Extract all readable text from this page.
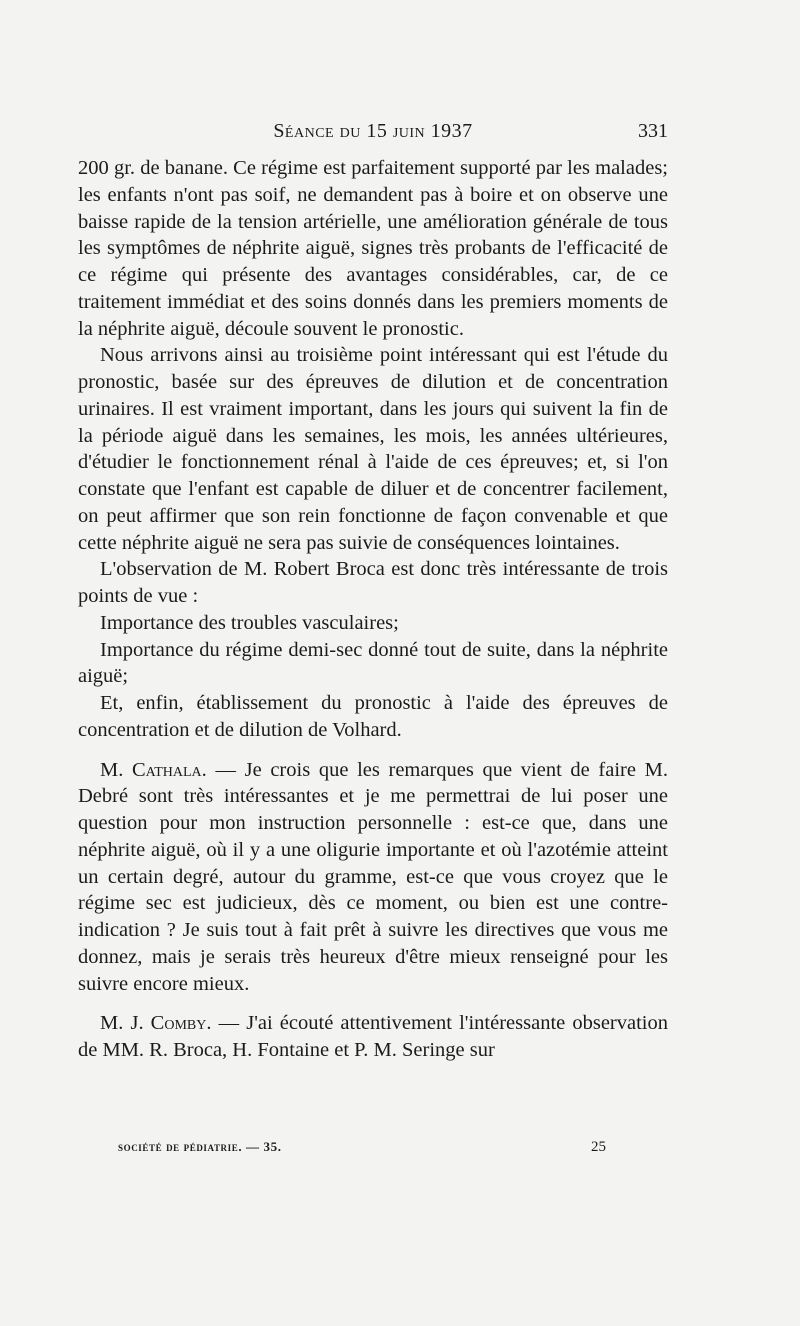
Séance du 15 juin 1937	331

200 gr. de banane. Ce régime est parfaitement supporté par les malades; les enfants n'ont pas soif, ne demandent pas à boire et on observe une baisse rapide de la tension artérielle, une amélioration générale de tous les symptômes de néphrite aiguë, signes très probants de l'efficacité de ce régime qui présente des avantages considérables, car, de ce traitement immédiat et des soins donnés dans les premiers moments de la néphrite aiguë, découle souvent le pronostic.

Nous arrivons ainsi au troisième point intéressant qui est l'étude du pronostic, basée sur des épreuves de dilution et de concentration urinaires. Il est vraiment important, dans les jours qui suivent la fin de la période aiguë dans les semaines, les mois, les années ultérieures, d'étudier le fonctionnement rénal à l'aide de ces épreuves; et, si l'on constate que l'enfant est capable de diluer et de concentrer facilement, on peut affirmer que son rein fonctionne de façon convenable et que cette néphrite aiguë ne sera pas suivie de conséquences lointaines.

L'observation de M. Robert Broca est donc très intéressante de trois points de vue :

Importance des troubles vasculaires;

Importance du régime demi-sec donné tout de suite, dans la néphrite aiguë;

Et, enfin, établissement du pronostic à l'aide des épreuves de concentration et de dilution de Volhard.

M. Cathala. — Je crois que les remarques que vient de faire M. Debré sont très intéressantes et je me permettrai de lui poser une question pour mon instruction personnelle : est-ce que, dans une néphrite aiguë, où il y a une oligurie importante et où l'azotémie atteint un certain degré, autour du gramme, est-ce que vous croyez que le régime sec est judicieux, dès ce moment, ou bien est une contre-indication ? Je suis tout à fait prêt à suivre les directives que vous me donnez, mais je serais très heureux d'être mieux renseigné pour les suivre encore mieux.

M. J. Comby. — J'ai écouté attentivement l'intéressante observation de MM. R. Broca, H. Fontaine et P. M. Seringe sur

société de pédiatrie. — 35.	25
